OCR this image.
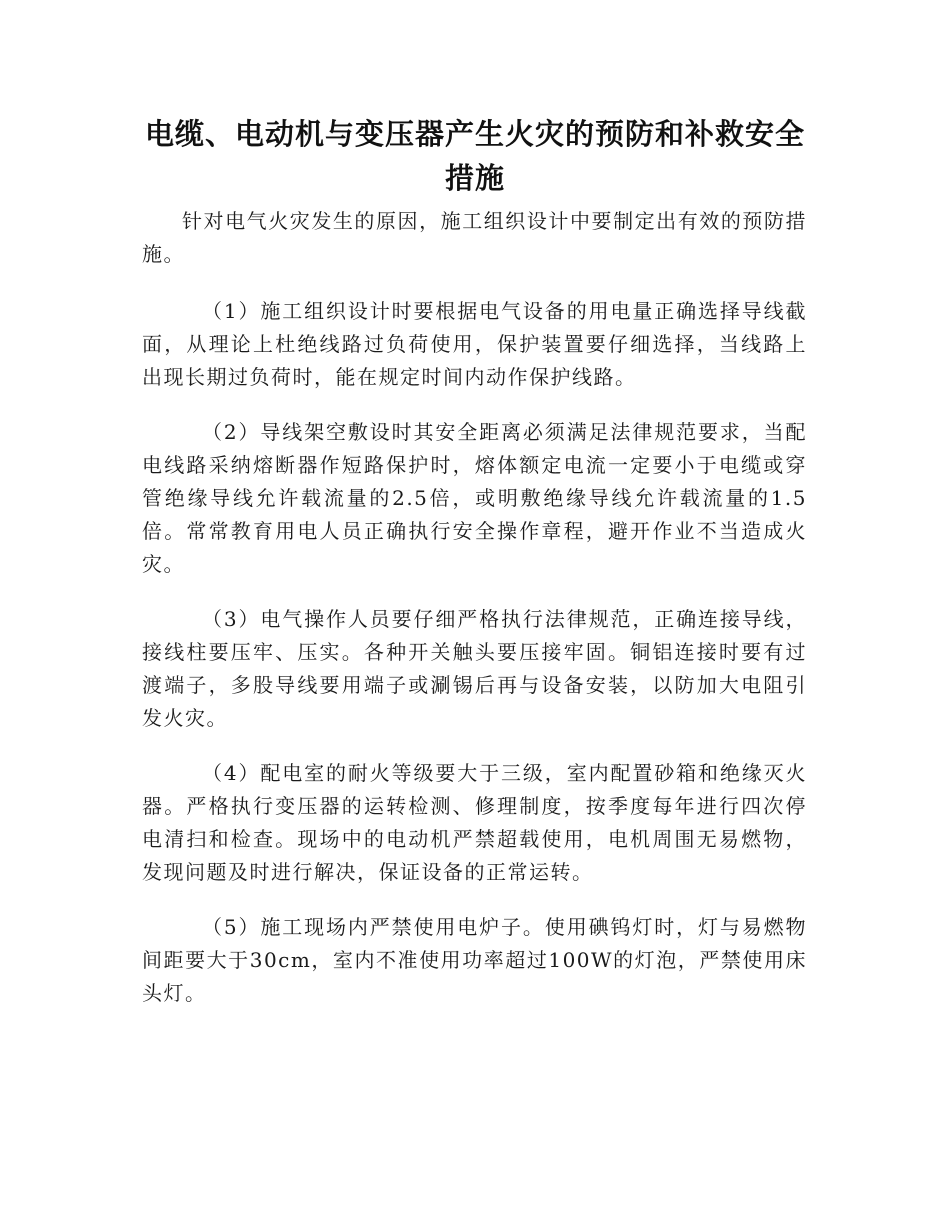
电缆、电动机与变压器产生火灾的预防和补救安全措施

针对电气火灾发生的原因，施工组织设计中要制定出有效的预防措施。

（1）施工组织设计时要根据电气设备的用电量正确选择导线截面，从理论上杜绝线路过负荷使用，保护装置要仔细选择，当线路上出现长期过负荷时，能在规定时间内动作保护线路。

（2）导线架空敷设时其安全距离必须满足法律规范要求，当配电线路采纳熔断器作短路保护时，熔体额定电流一定要小于电缆或穿管绝缘导线允许载流量的2.5倍，或明敷绝缘导线允许载流量的1.5倍。常常教育用电人员正确执行安全操作章程，避开作业不当造成火灾。

（3）电气操作人员要仔细严格执行法律规范，正确连接导线，接线柱要压牢、压实。各种开关触头要压接牢固。铜铝连接时要有过渡端子，多股导线要用端子或涮锡后再与设备安装，以防加大电阻引发火灾。

（4）配电室的耐火等级要大于三级，室内配置砂箱和绝缘灭火器。严格执行变压器的运转检测、修理制度，按季度每年进行四次停电清扫和检查。现场中的电动机严禁超载使用，电机周围无易燃物，发现问题及时进行解决，保证设备的正常运转。

（5）施工现场内严禁使用电炉子。使用碘钨灯时，灯与易燃物间距要大于30cm，室内不准使用功率超过100W的灯泡，严禁使用床头灯。
